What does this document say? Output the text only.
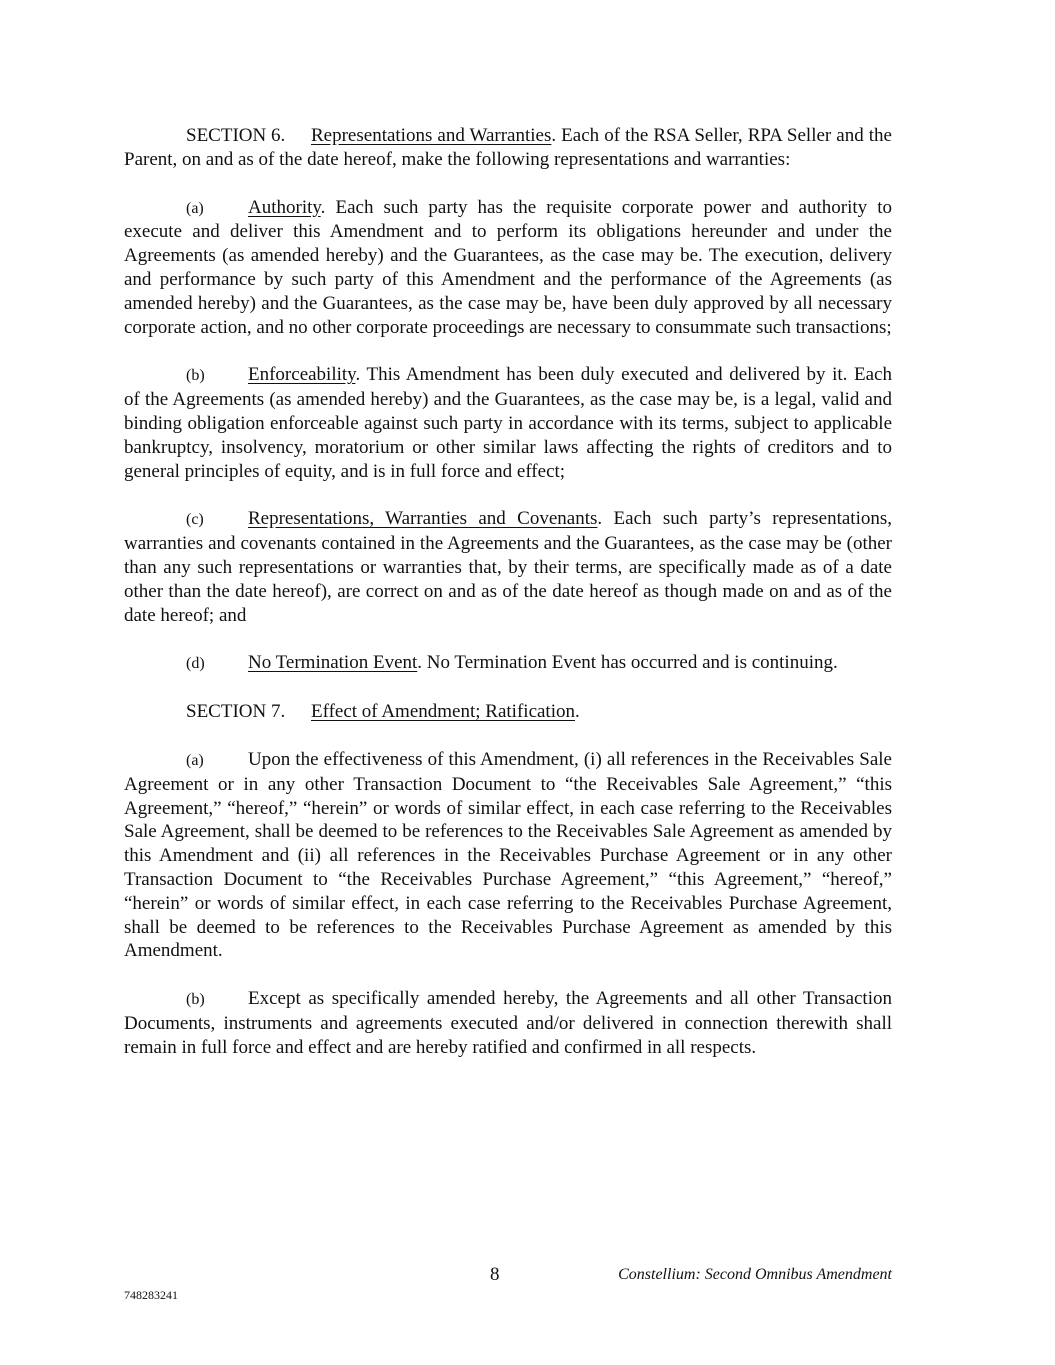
SECTION 6. Representations and Warranties. Each of the RSA Seller, RPA Seller and the Parent, on and as of the date hereof, make the following representations and warranties:

(a) Authority. Each such party has the requisite corporate power and authority to execute and deliver this Amendment and to perform its obligations hereunder and under the Agreements (as amended hereby) and the Guarantees, as the case may be. The execution, delivery and performance by such party of this Amendment and the performance of the Agreements (as amended hereby) and the Guarantees, as the case may be, have been duly approved by all necessary corporate action, and no other corporate proceedings are necessary to consummate such transactions;

(b) Enforceability. This Amendment has been duly executed and delivered by it. Each of the Agreements (as amended hereby) and the Guarantees, as the case may be, is a legal, valid and binding obligation enforceable against such party in accordance with its terms, subject to applicable bankruptcy, insolvency, moratorium or other similar laws affecting the rights of creditors and to general principles of equity, and is in full force and effect;

(c) Representations, Warranties and Covenants. Each such party’s representations, warranties and covenants contained in the Agreements and the Guarantees, as the case may be (other than any such representations or warranties that, by their terms, are specifically made as of a date other than the date hereof), are correct on and as of the date hereof as though made on and as of the date hereof; and

(d) No Termination Event. No Termination Event has occurred and is continuing.

SECTION 7. Effect of Amendment; Ratification.

(a) Upon the effectiveness of this Amendment, (i) all references in the Receivables Sale Agreement or in any other Transaction Document to “the Receivables Sale Agreement,” “this Agreement,” “hereof,” “herein” or words of similar effect, in each case referring to the Receivables Sale Agreement, shall be deemed to be references to the Receivables Sale Agreement as amended by this Amendment and (ii) all references in the Receivables Purchase Agreement or in any other Transaction Document to “the Receivables Purchase Agreement,” “this Agreement,” “hereof,” “herein” or words of similar effect, in each case referring to the Receivables Purchase Agreement, shall be deemed to be references to the Receivables Purchase Agreement as amended by this Amendment.

(b) Except as specifically amended hereby, the Agreements and all other Transaction Documents, instruments and agreements executed and/or delivered in connection therewith shall remain in full force and effect and are hereby ratified and confirmed in all respects.

8	Constellium: Second Omnibus Amendment
748283241
